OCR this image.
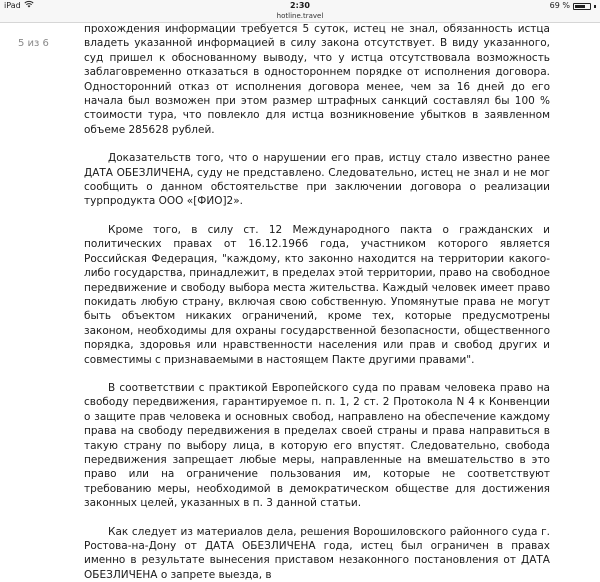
iPad	2:30	69 %
hotline.travel
5 из 6

прохождения информации требуется 5 суток, истец не знал, обязанность истца владеть указанной информацией в силу закона отсутствует. В виду указанного, суд пришел к обоснованному выводу, что у истца отсутствовала возможность заблаговременно отказаться в одностороннем порядке от исполнения договора. Односторонний отказ от исполнения договора менее, чем за 16 дней до его начала был возможен при этом размер штрафных санкций составлял бы 100 % стоимости тура, что повлекло для истца возникновение убытков в заявленном объеме 285628 рублей.

Доказательств того, что о нарушении его прав, истцу стало известно ранее ДАТА ОБЕЗЛИЧЕНА, суду не представлено. Следовательно, истец не знал и не мог сообщить о данном обстоятельстве при заключении договора о реализации турпродукта ООО «[ФИО]2».

Кроме того, в силу ст. 12 Международного пакта о гражданских и политических правах от 16.12.1966 года, участником которого является Российская Федерация, "каждому, кто законно находится на территории какого-либо государства, принадлежит, в пределах этой территории, право на свободное передвижение и свободу выбора места жительства. Каждый человек имеет право покидать любую страну, включая свою собственную. Упомянутые права не могут быть объектом никаких ограничений, кроме тех, которые предусмотрены законом, необходимы для охраны государственной безопасности, общественного порядка, здоровья или нравственности населения или прав и свобод других и совместимы с признаваемыми в настоящем Пакте другими правами".

В соответствии с практикой Европейского суда по правам человека право на свободу передвижения, гарантируемое п. п. 1, 2 ст. 2 Протокола N 4 к Конвенции о защите прав человека и основных свобод, направлено на обеспечение каждому права на свободу передвижения в пределах своей страны и права направиться в такую страну по выбору лица, в которую его впустят. Следовательно, свобода передвижения запрещает любые меры, направленные на вмешательство в это право или на ограничение пользования им, которые не соответствуют требованию меры, необходимой в демократическом обществе для достижения законных целей, указанных в п. 3 данной статьи.

Как следует из материалов дела, решения Ворошиловского районного суда г. Ростова-на-Дону от ДАТА ОБЕЗЛИЧЕНА года, истец был ограничен в правах именно в результате вынесения приставом незаконного постановления от ДАТА ОБЕЗЛИЧЕНА о запрете выезда, в
